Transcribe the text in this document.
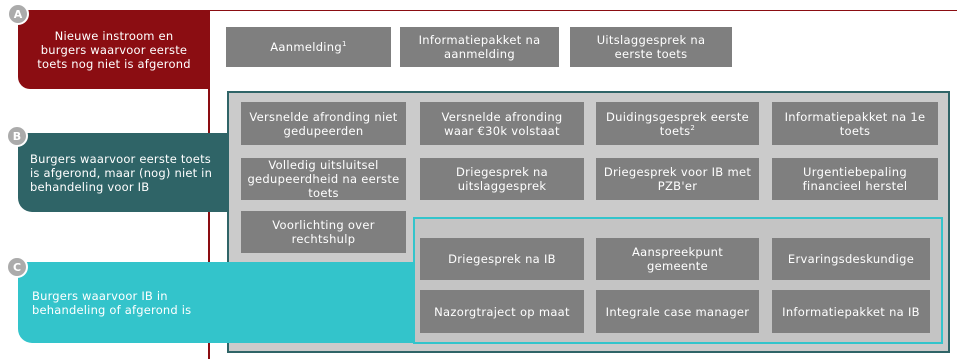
Nieuwe instroom en burgers waarvoor eerste toets nog niet is afgerond
Burgers waarvoor eerste toets is afgerond, maar (nog) niet in behandeling voor IB
Burgers waarvoor IB in behandeling of afgerond is
A
B
C
Aanmelding$^1$	Informatiepakket na aanmelding
Uitslaggesprek na eerste toets
Versnelde afronding niet gedupeerden
Versnelde afronding waar €30k volstaat
Duidingsgesprek eerste toets$^2$
Informatiepakket na 1e toets
Volledig uitsluitsel gedupeerdheid na eerste toets
Driegesprek na uitslaggesprek
Driegesprek voor IB met PZB'er
Urgentiebepaling financieel herstel
Voorlichting over rechtshulp
Driegesprek na IB	Aanspreekpunt gemeente	Ervaringsdeskundige
Nazorgtraject op maat	Integrale case manager	Informatiepakket na IB
